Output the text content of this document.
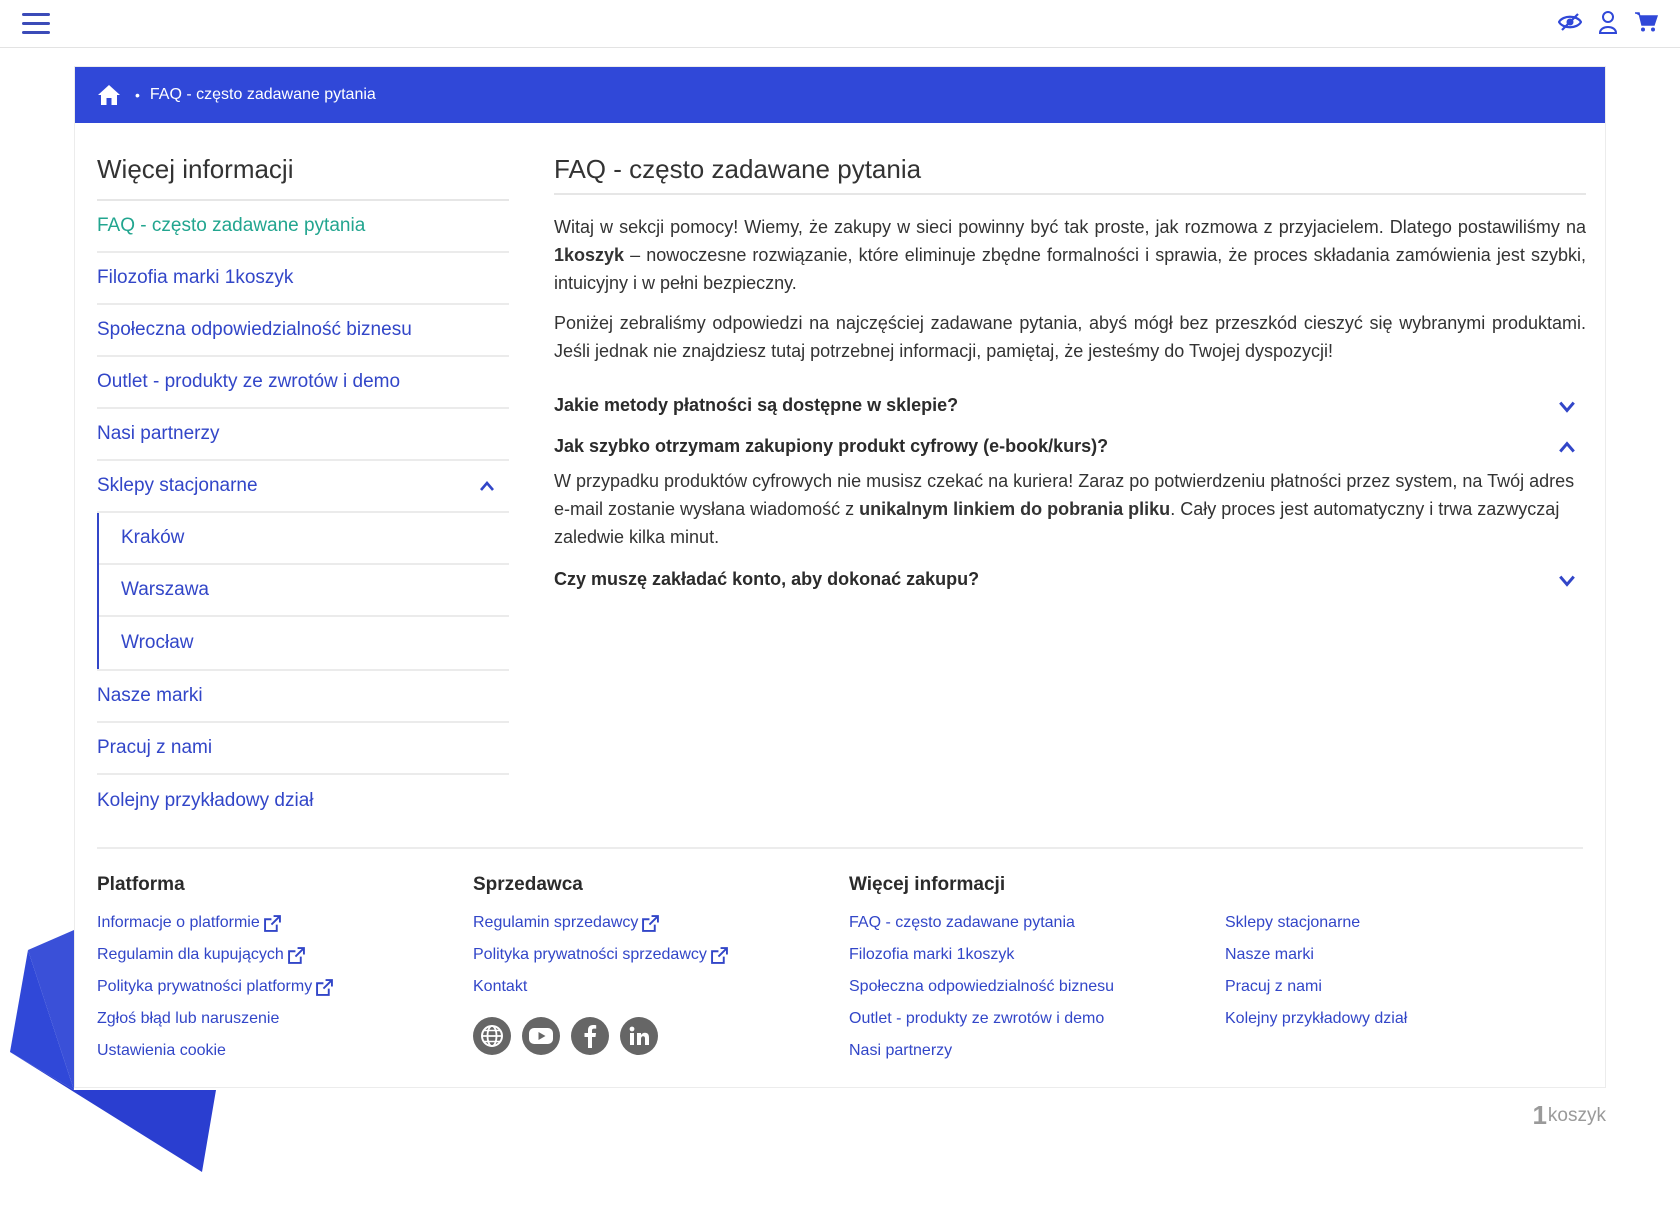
• FAQ - często zadawane pytania
Więcej informacji
FAQ - często zadawane pytania
Filozofia marki 1koszyk
Społeczna odpowiedzialność biznesu
Outlet - produkty ze zwrotów i demo
Nasi partnerzy
Sklepy stacjonarne
Kraków
Warszawa
Wrocław
Nasze marki
Pracuj z nami
Kolejny przykładowy dział
FAQ - często zadawane pytania

Witaj w sekcji pomocy! Wiemy, że zakupy w sieci powinny być tak proste, jak rozmowa z przyjacielem. Dlatego postawiliśmy na 1koszyk – nowoczesne rozwiązanie, które eliminuje zbędne formalności i sprawia, że proces składania zamówienia jest szybki, intuicyjny i w pełni bezpieczny.

Poniżej zebraliśmy odpowiedzi na najczęściej zadawane pytania, abyś mógł bez przeszkód cieszyć się wybranymi produktami. Jeśli jednak nie znajdziesz tutaj potrzebnej informacji, pamiętaj, że jesteśmy do Twojej dyspozycji!

Jakie metody płatności są dostępne w sklepie?
Jak szybko otrzymam zakupiony produkt cyfrowy (e-book/kurs)?
W przypadku produktów cyfrowych nie musisz czekać na kuriera! Zaraz po potwierdzeniu płatności przez system, na Twój adres e-mail zostanie wysłana wiadomość z unikalnym linkiem do pobrania pliku. Cały proces jest automatyczny i trwa zazwyczaj zaledwie kilka minut.
Czy muszę zakładać konto, aby dokonać zakupu?
Platforma
Informacje o platformie
Regulamin dla kupujących
Polityka prywatności platformy
Zgłoś błąd lub naruszenie
Ustawienia cookie
Sprzedawca
Regulamin sprzedawcy
Polityka prywatności sprzedawcy
Kontakt
Więcej informacji
FAQ - często zadawane pytania
Filozofia marki 1koszyk
Społeczna odpowiedzialność biznesu
Outlet - produkty ze zwrotów i demo
Nasi partnerzy
Sklepy stacjonarne
Nasze marki
Pracuj z nami
Kolejny przykładowy dział
1 koszyk
